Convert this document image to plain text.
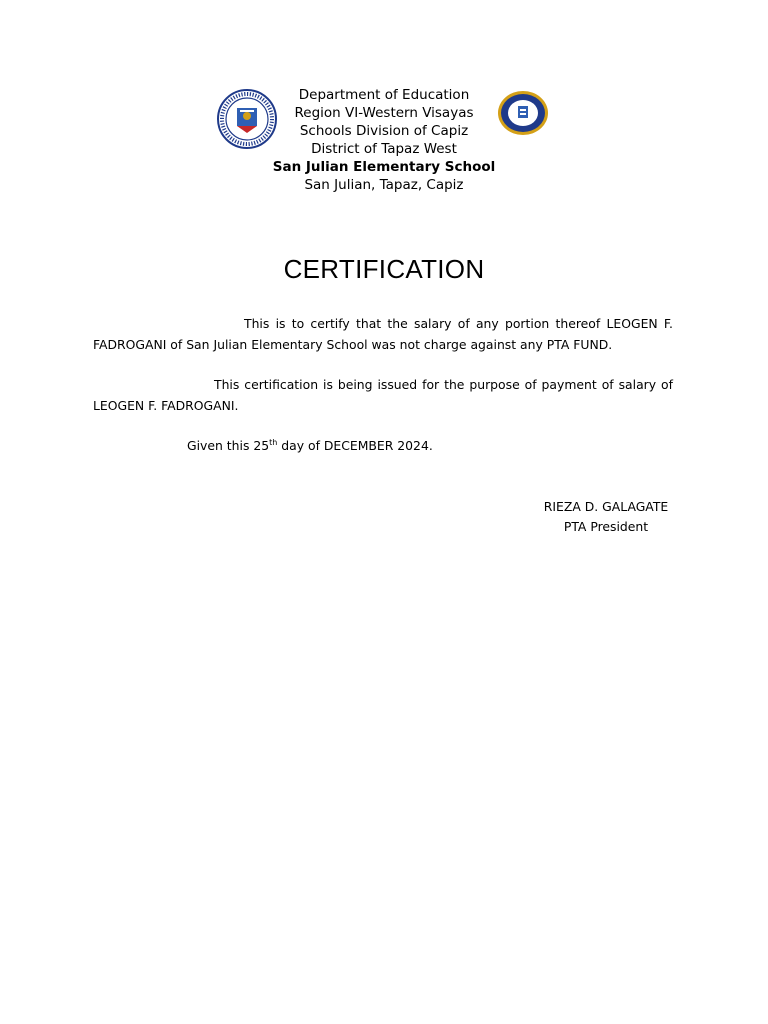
Department of Education
Region VI-Western Visayas
Schools Division of Capiz
District of Tapaz West
San Julian Elementary School
San Julian, Tapaz, Capiz
CERTIFICATION
This is to certify that the salary of any portion thereof LEOGEN F. FADROGANI of San Julian Elementary School was not charge against any PTA FUND.
This certification is being issued for the purpose of payment of salary of LEOGEN F. FADROGANI.
Given this 25th day of DECEMBER 2024.
RIEZA D. GALAGATE
PTA President
